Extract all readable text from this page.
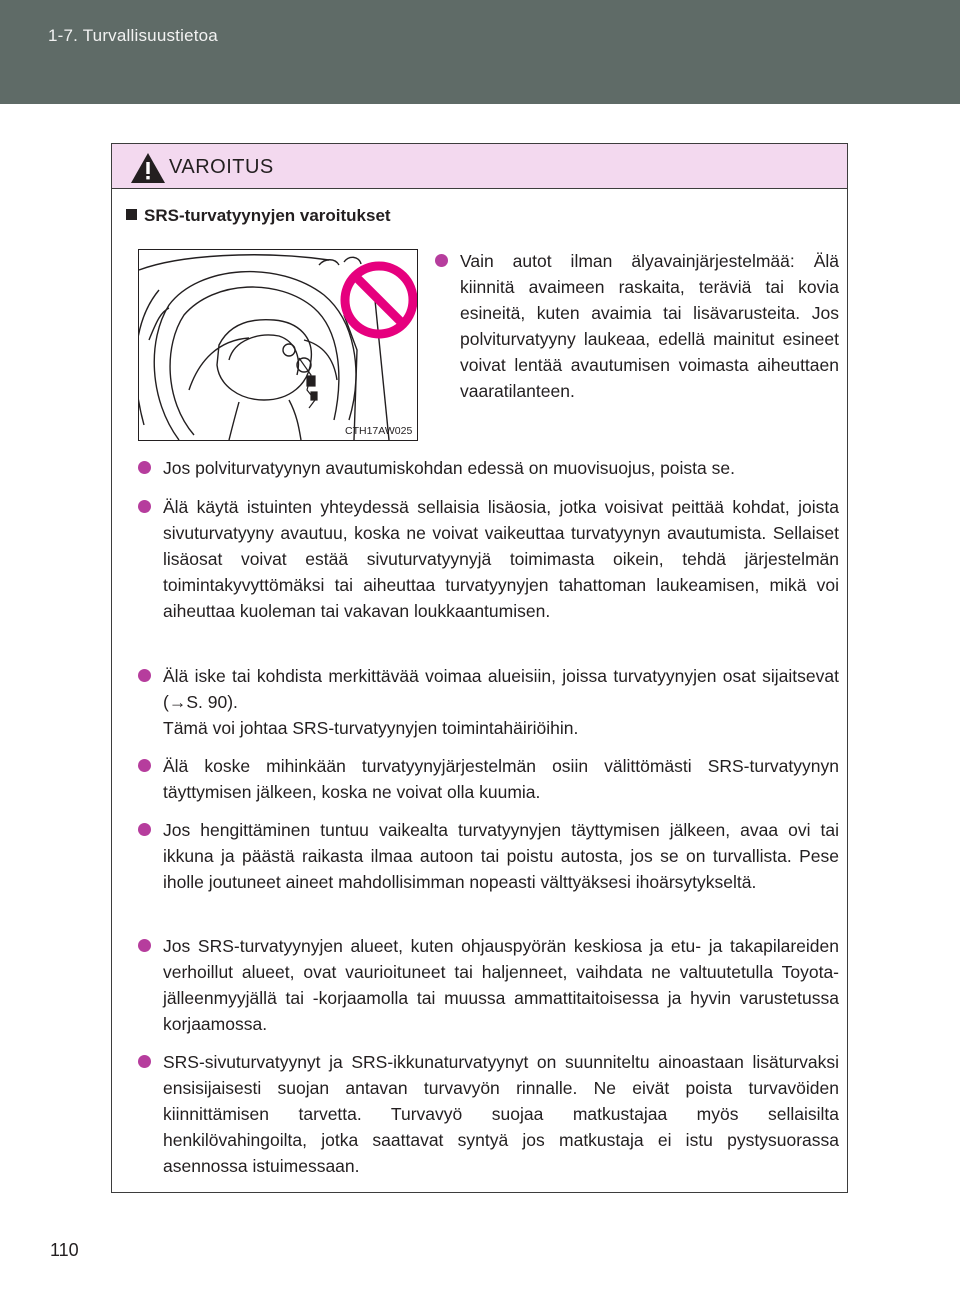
1-7. Turvallisuustietoa
VAROITUS
SRS-turvatyynyjen varoitukset
CTH17AW025
Vain autot ilman älyavainjärjestelmää: Älä kiinnitä avaimeen raskaita, teräviä tai kovia esineitä, kuten avaimia tai lisävarusteita. Jos polviturvatyyny laukeaa, edellä mainitut esineet voivat lentää avautumisen voimasta aiheuttaen vaaratilanteen.
Jos polviturvatyynyn avautumiskohdan edessä on muovisuojus, poista se.
Älä käytä istuinten yhteydessä sellaisia lisäosia, jotka voisivat peittää kohdat, joista sivuturvatyyny avautuu, koska ne voivat vaikeuttaa turvatyynyn avautumista. Sellaiset lisäosat voivat estää sivuturvatyynyjä toimimasta oikein, tehdä järjestelmän toimintakyvyttömäksi tai aiheuttaa turvatyynyjen tahattoman laukeamisen, mikä voi aiheuttaa kuoleman tai vakavan loukkaantumisen.
Älä iske tai kohdista merkittävää voimaa alueisiin, joissa turvatyynyjen osat sijaitsevat (→S. 90).
Tämä voi johtaa SRS-turvatyynyjen toimintahäiriöihin.
Älä koske mihinkään turvatyynyjärjestelmän osiin välittömästi SRS-turvatyynyn täyttymisen jälkeen, koska ne voivat olla kuumia.
Jos hengittäminen tuntuu vaikealta turvatyynyjen täyttymisen jälkeen, avaa ovi tai ikkuna ja päästä raikasta ilmaa autoon tai poistu autosta, jos se on turvallista. Pese iholle joutuneet aineet mahdollisimman nopeasti välttyäksesi ihoärsytykseltä.
Jos SRS-turvatyynyjen alueet, kuten ohjauspyörän keskiosa ja etu- ja takapilareiden verhoillut alueet, ovat vaurioituneet tai haljenneet, vaihdata ne valtuutetulla Toyota-jälleenmyyjällä tai -korjaamolla tai muussa ammattitaitoisessa ja hyvin varustetussa korjaamossa.
SRS-sivuturvatyynyt ja SRS-ikkunaturvatyynyt on suunniteltu ainoastaan lisäturvaksi ensisijaisesti suojan antavan turvavyön rinnalle. Ne eivät poista turvavöiden kiinnittämisen tarvetta. Turvavyö suojaa matkustajaa myös sellaisilta henkilövahingoilta, jotka saattavat syntyä jos matkustaja ei istu pystysuorassa asennossa istuimessaan.
110
